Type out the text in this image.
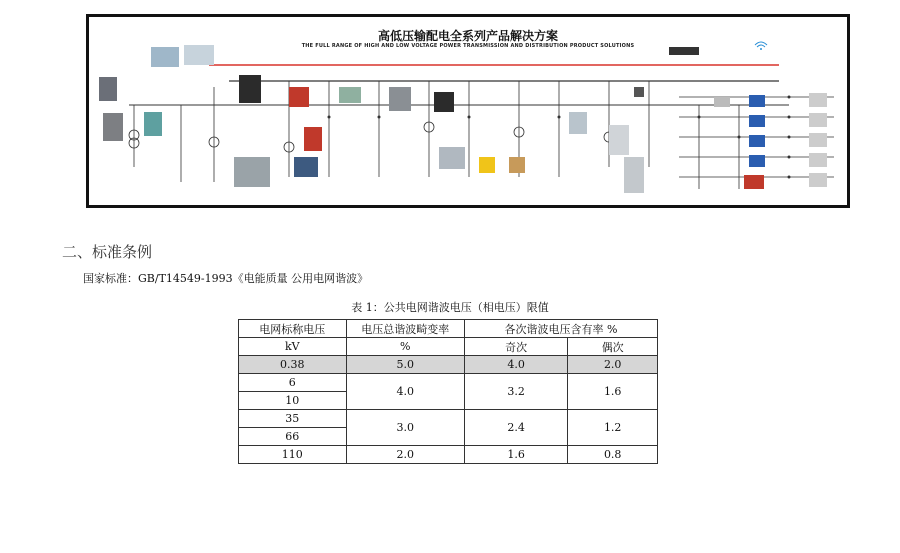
高低压输配电全系列产品解决方案
THE FULL RANGE OF HIGH AND LOW VOLTAGE POWER TRANSMISSION AND DISTRIBUTION PRODUCT SOLUTIONS
二、标准条例
国家标准：GB/T14549-1993《电能质量 公用电网谐波》
表 1：公共电网谐波电压（相电压）限值
电网标称电压	电压总谐波畸变率	各次谐波电压含有率 %	
kV	%	奇次	偶次
0.38	5.0	4.0	2.0
6	4.0	3.2	1.6
10			
35	3.0	2.4	1.2
66			
110	2.0	1.6	0.8
